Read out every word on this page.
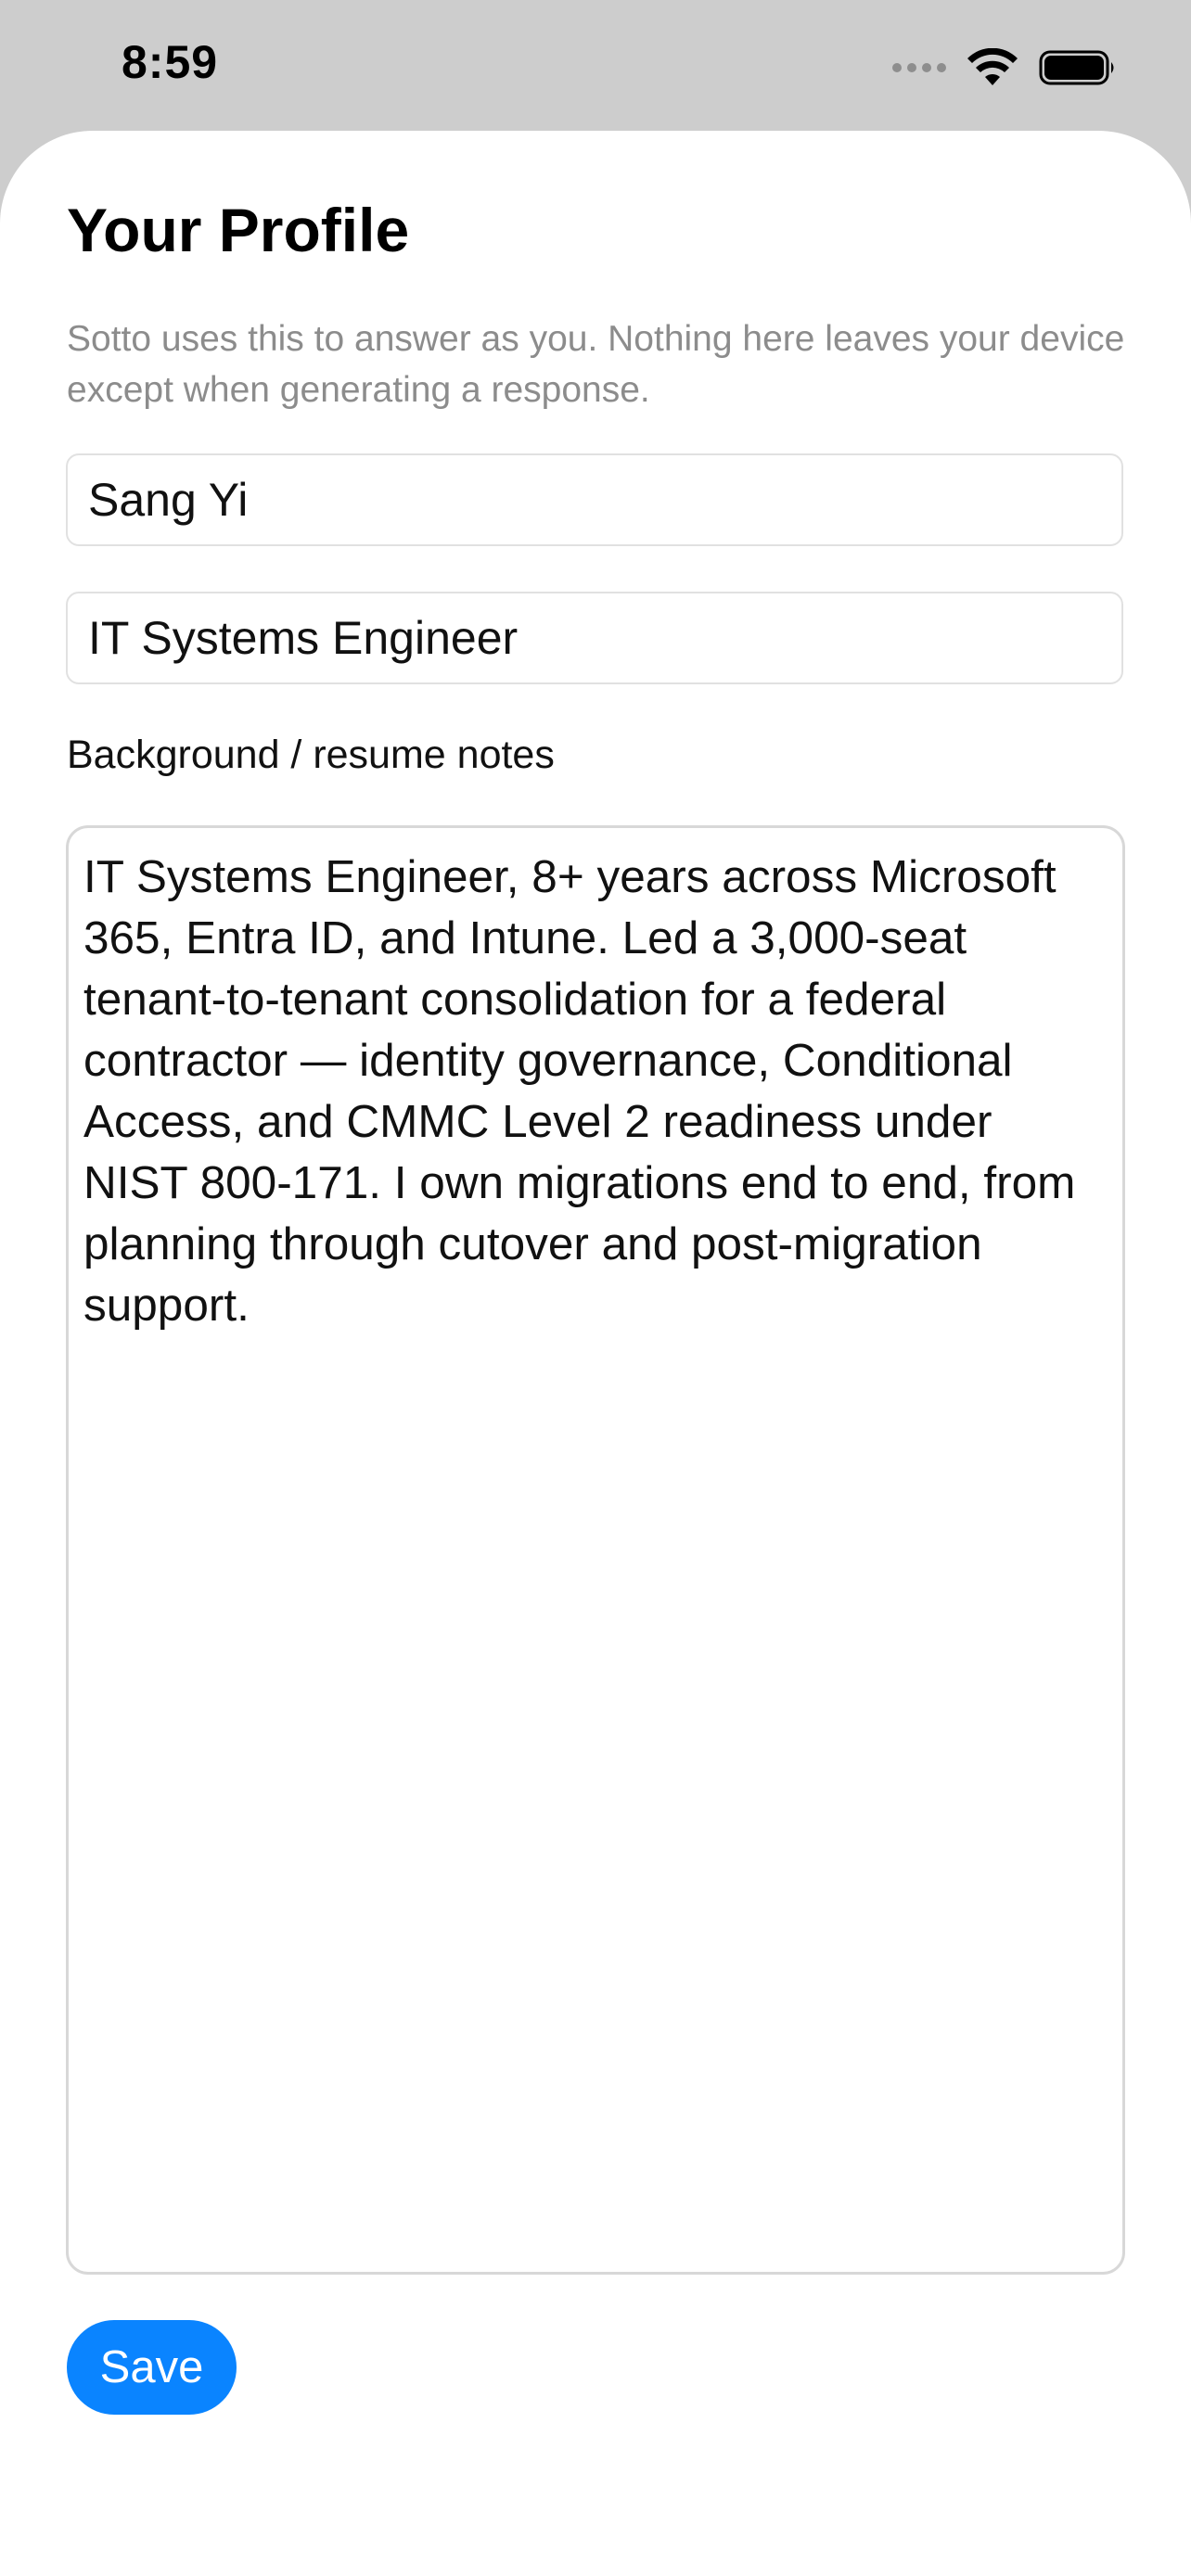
8:59
Your Profile
Sotto uses this to answer as you. Nothing here leaves your device except when generating a response.
Sang Yi
IT Systems Engineer
Background / resume notes
IT Systems Engineer, 8+ years across Microsoft 365, Entra ID, and Intune. Led a 3,000-seat tenant-to-tenant consolidation for a federal contractor — identity governance, Conditional Access, and CMMC Level 2 readiness under NIST 800-171. I own migrations end to end, from planning through cutover and post-migration support.
Save
